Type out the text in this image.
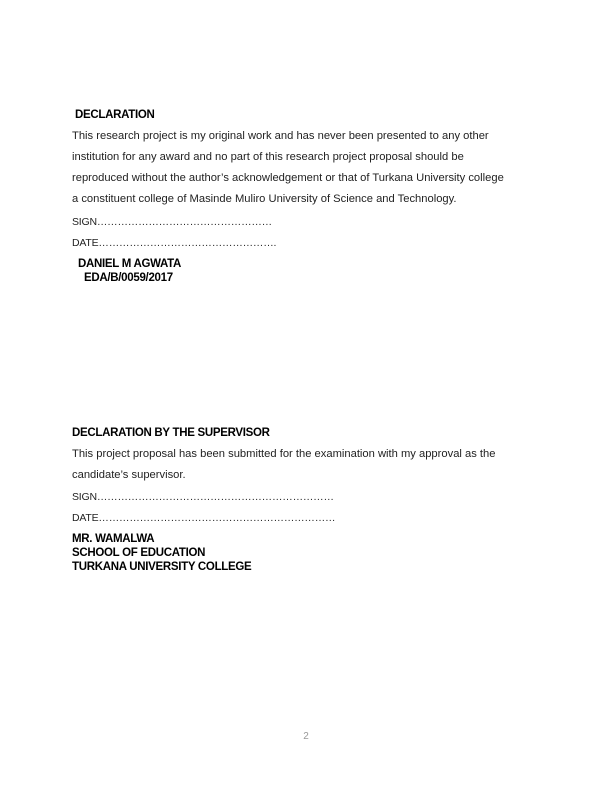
DECLARATION

This research project is my original work and has never been presented to any other

institution for any award and no part of this research project proposal should be

reproduced without the author’s acknowledgement or that of Turkana University college

a constituent college of Masinde Muliro University of Science and Technology.

SIGN……………………………………………
DATE…………………………………………….
DANIEL M AGWATA
EDA/B/0059/2017
DECLARATION BY THE SUPERVISOR

This project proposal has been submitted for the examination with my approval as the

candidate’s supervisor.

SIGN……………………………………………………………
DATE……………………………………………………………
MR. WAMALWA
SCHOOL OF EDUCATION
TURKANA UNIVERSITY COLLEGE
2
